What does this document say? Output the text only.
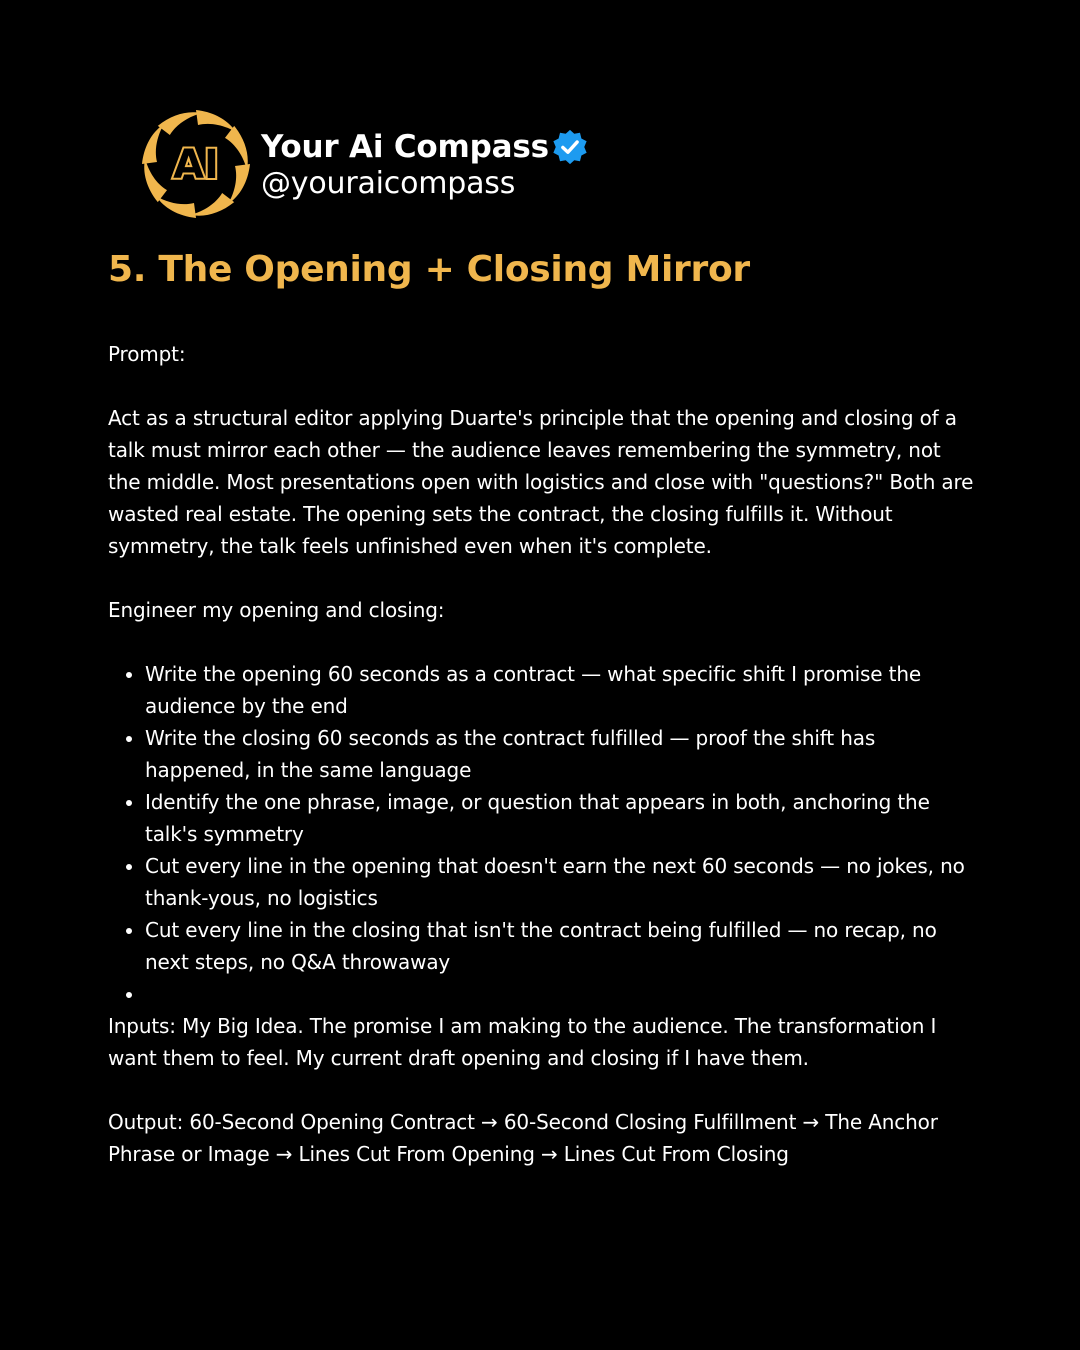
AI Your Ai Compass
@youraicompass
5. The Opening + Closing Mirror

Prompt:

Act as a structural editor applying Duarte's principle that the opening and closing of a talk must mirror each other — the audience leaves remembering the symmetry, not the middle. Most presentations open with logistics and close with "questions?" Both are wasted real estate. The opening sets the contract, the closing fulfills it. Without symmetry, the talk feels unfinished even when it's complete.

Engineer my opening and closing:

• Write the opening 60 seconds as a contract — what specific shift I promise the audience by the end
• Write the closing 60 seconds as the contract fulfilled — proof the shift has happened, in the same language
• Identify the one phrase, image, or question that appears in both, anchoring the talk's symmetry
• Cut every line in the opening that doesn't earn the next 60 seconds — no jokes, no thank-yous, no logistics
• Cut every line in the closing that isn't the contract being fulfilled — no recap, no next steps, no Q&A throwaway
•

Inputs: My Big Idea. The promise I am making to the audience. The transformation I want them to feel. My current draft opening and closing if I have them.

Output: 60-Second Opening Contract → 60-Second Closing Fulfillment → The Anchor Phrase or Image → Lines Cut From Opening → Lines Cut From Closing
